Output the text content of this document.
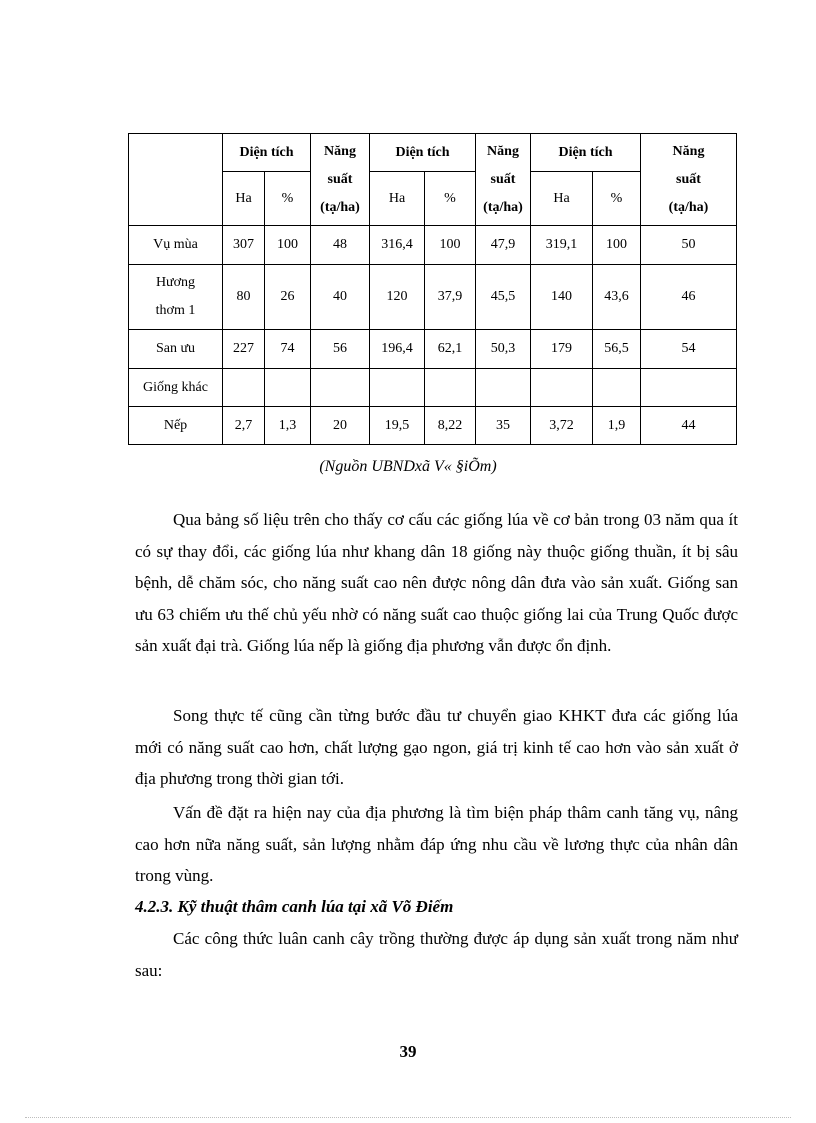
	Diện tích		Năng
suất
(tạ/ha)	Diện tích		Năng
suất
(tạ/ha)	Diện tích		Năng
suất
(tạ/ha)
	Ha	%		Ha	%		Ha	%	
Vụ mùa	307	100	48	316,4	100	47,9	319,1	100	50
Hương
thơm 1	80	26	40	120	37,9	45,5	140	43,6	46
San ưu	227	74	56	196,4	62,1	50,3	179	56,5	54
Giống khác									
Nếp	2,7	1,3	20	19,5	8,22	35	3,72	1,9	44
(Nguồn UBNDxã V« §iÕm)

Qua bảng số liệu trên cho thấy cơ cấu các giống lúa về cơ bản trong 03 năm qua ít có sự thay đổi, các giống lúa như khang dân 18 giống này thuộc giống thuần, ít bị sâu bệnh, dễ chăm sóc, cho năng suất cao nên được nông dân đưa vào sản xuất. Giống san ưu 63 chiếm ưu thế chủ yếu nhờ có năng suất cao thuộc giống lai của Trung Quốc được sản xuất đại trà. Giống lúa nếp là giống địa phương vẫn được ổn định.

Song thực tế cũng cần từng bước đầu tư chuyển giao KHKT đưa các giống lúa mới có năng suất cao hơn, chất lượng gạo ngon, giá trị kinh tế cao hơn vào sản xuất ở địa phương trong thời gian tới.

Vấn đề đặt ra hiện nay của địa phương là tìm biện pháp thâm canh tăng vụ, nâng cao hơn nữa năng suất, sản lượng nhằm đáp ứng nhu cầu về lương thực của nhân dân trong vùng.

4.2.3. Kỹ thuật thâm canh lúa tại xã Võ Điếm

Các công thức luân canh cây trồng thường được áp dụng sản xuất trong năm như sau:

39
